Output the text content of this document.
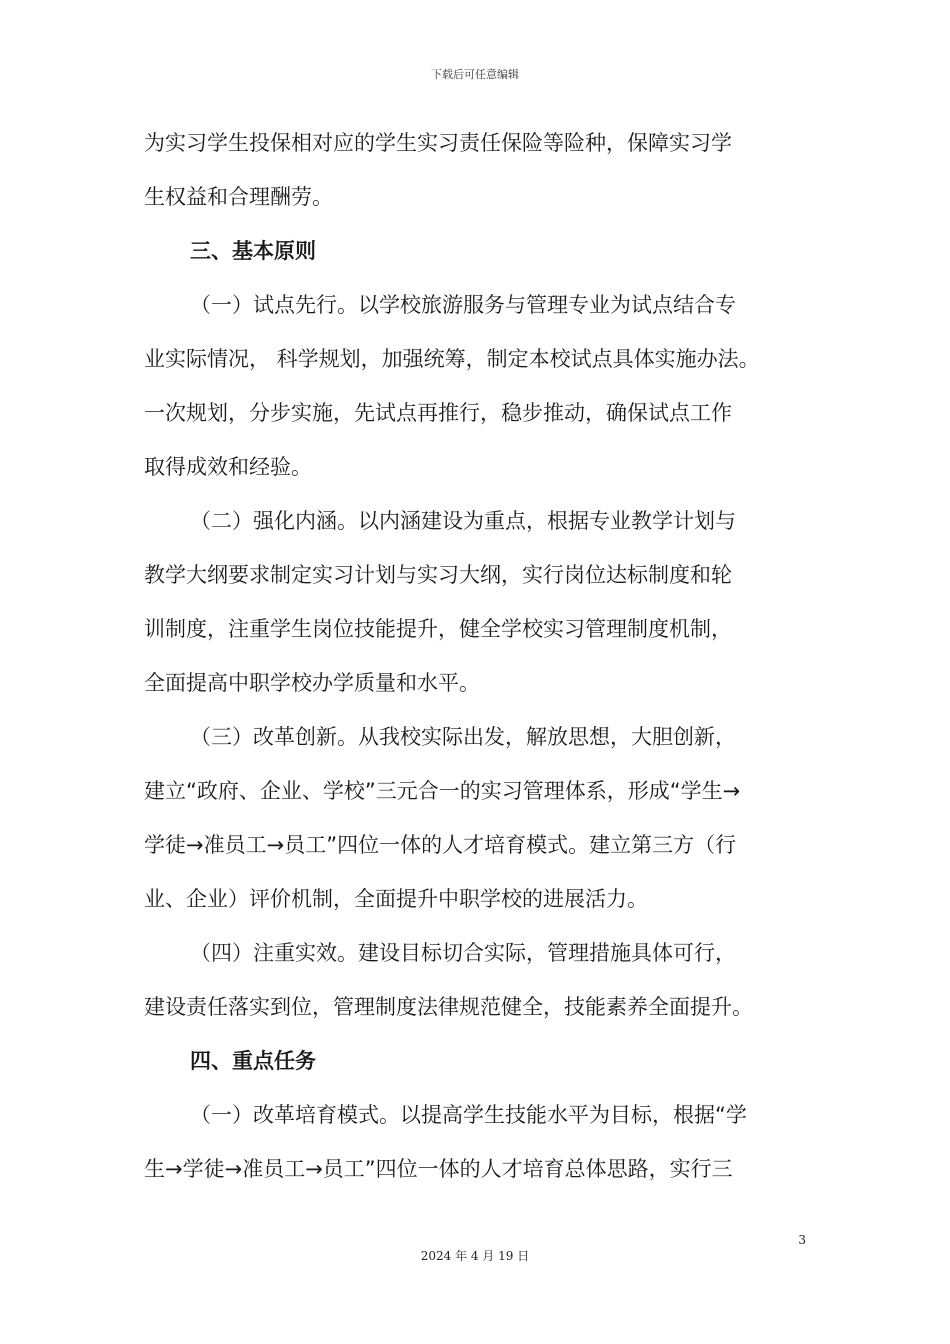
下载后可任意编辑
为实习学生投保相对应的学生实习责任保险等险种，保障实习学
生权益和合理酬劳。
三、基本原则
（一）试点先行。以学校旅游服务与管理专业为试点结合专
业实际情况， 科学规划，加强统筹，制定本校试点具体实施办法。
一次规划，分步实施，先试点再推行，稳步推动，确保试点工作
取得成效和经验。
（二）强化内涵。以内涵建设为重点，根据专业教学计划与
教学大纲要求制定实习计划与实习大纲，实行岗位达标制度和轮
训制度，注重学生岗位技能提升，健全学校实习管理制度机制，
全面提高中职学校办学质量和水平。
（三）改革创新。从我校实际出发，解放思想，大胆创新，
建立“政府、企业、学校”三元合一的实习管理体系，形成“学生→
学徒→准员工→员工”四位一体的人才培育模式。建立第三方（行
业、企业）评价机制，全面提升中职学校的进展活力。
（四）注重实效。建设目标切合实际，管理措施具体可行，
建设责任落实到位，管理制度法律规范健全，技能素养全面提升。
四、重点任务
（一）改革培育模式。以提高学生技能水平为目标，根据“学
生→学徒→准员工→员工”四位一体的人才培育总体思路，实行三
3
2024 年 4 月 19 日
